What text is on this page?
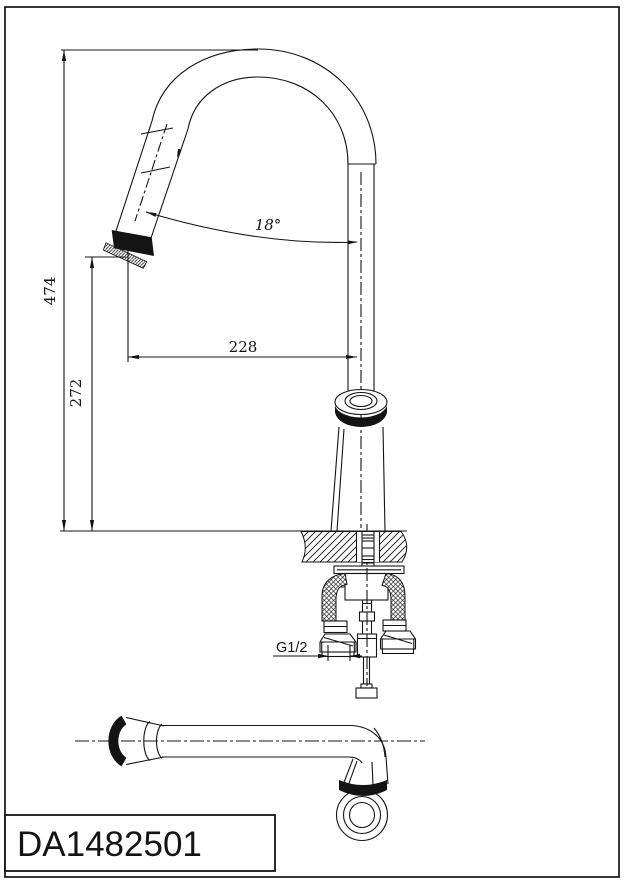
474
272
228
18°
G1/2
DA1482501
